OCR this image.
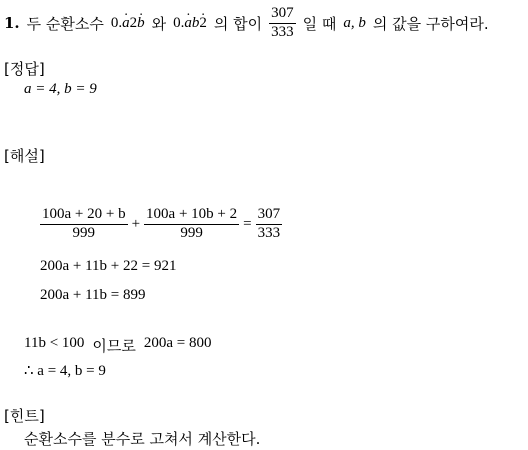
1. 두 순환소수 0.a ·2b · 와 0.a ·b2 · 의 합이 $\frac{307}{333}$ 일 때 a, b 의 값을 구하여라.
[정답]
a = 4, b = 9
[해설]
$\frac{100a + 20 + b}{999} + \frac{100a + 10b + 2}{999} = \frac{307}{333}$
200a + 11b + 22 = 921
200a + 11b = 899
11b < 100 이므로 200a = 800
∴ a = 4, b = 9
[힌트]
순환소수를 분수로 고쳐서 계산한다.
